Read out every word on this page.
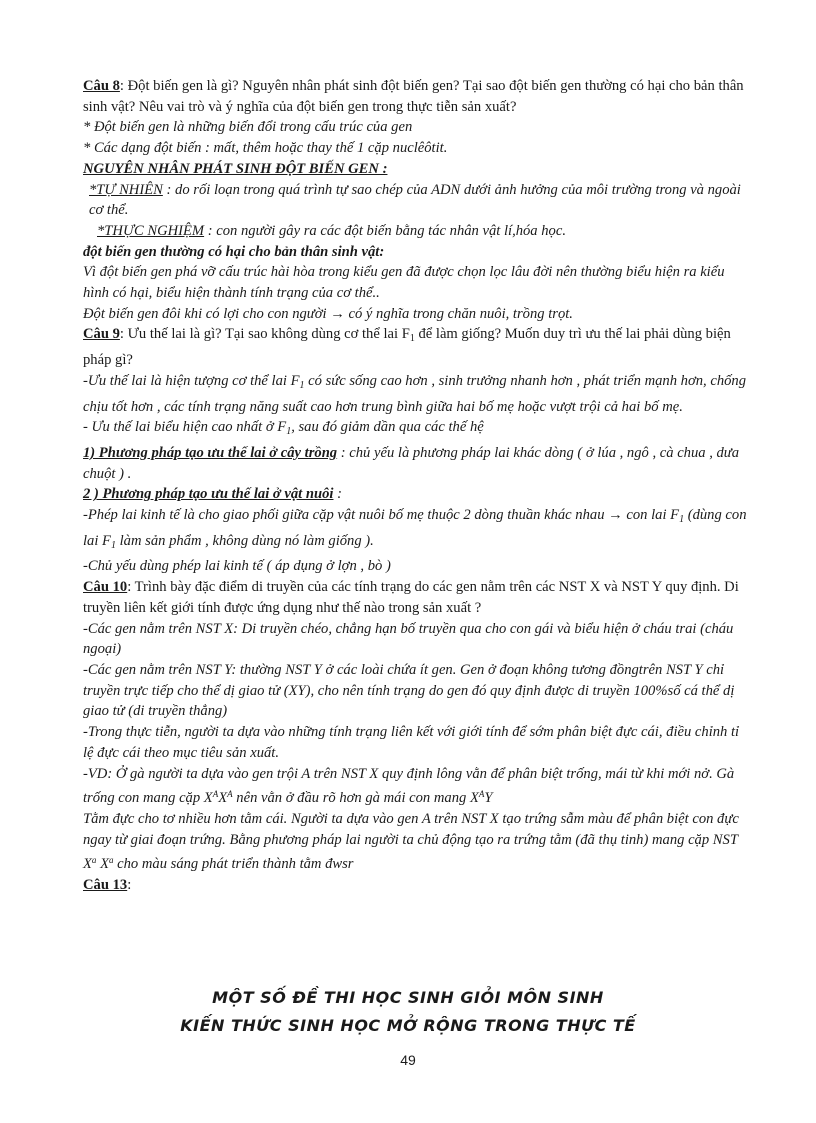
Câu 8: Đột biến gen là gì? Nguyên nhân phát sinh đột biến gen? Tại sao đột biến gen thường có hại cho bản thân sinh vật? Nêu vai trò và ý nghĩa của đột biến gen trong thực tiễn sản xuất?

* Đột biến gen là những biến đổi trong cấu trúc của gen

* Các dạng đột biến : mất, thêm hoặc thay thế 1 cặp nuclêôtit.

NGUYÊN NHÂN PHÁT SINH ĐỘT BIẾN GEN :

*TỰ NHIÊN : do rối loạn trong quá trình tự sao chép của ADN dưới ảnh hưởng của môi trường trong và ngoài cơ thể.

*THỰC NGHIỆM : con người gây ra các đột biến bằng tác nhân vật lí,hóa học.

đột biến gen thường có hại cho bản thân sinh vật:

Vì đột biến gen phá vỡ cấu trúc hài hòa trong kiểu gen đã được chọn lọc lâu đời nên thường biểu hiện ra kiểu hình có hại, biểu hiện thành tính trạng của cơ thể..

Đột biến gen đôi khi có lợi cho con người → có ý nghĩa trong chăn nuôi, trồng trọt.

Câu 9: Ưu thế lai là gì? Tại sao không dùng cơ thể lai $F_1$ để làm giống? Muốn duy trì ưu thế lai phải dùng biện pháp gì?

-Ưu thế lai là hiện tượng cơ thể lai $F_1$ có sức sống cao hơn , sinh trưởng nhanh hơn , phát triển mạnh hơn, chống chịu tốt hơn , các tính trạng năng suất cao hơn trung bình giữa hai bố mẹ hoặc vượt trội cả hai bố mẹ.

- Ưu thế lai biểu hiện cao nhất ở $F_1$, sau đó giảm dần qua các thế hệ

1) Phương pháp tạo ưu thế lai ở cây trồng : chủ yếu là phương pháp lai khác dòng ( ở lúa , ngô , cà chua , dưa chuột ) .

2 ) Phương pháp tạo ưu thế lai ở vật nuôi :

-Phép lai kinh tế là cho giao phối giữa cặp vật nuôi bố mẹ thuộc 2 dòng thuần khác nhau → con lai $F_1$ (dùng con lai $F_1$ làm sản phẩm , không dùng nó làm giống ).

-Chủ yếu dùng phép lai kinh tế ( áp dụng ở lợn , bò )

Câu 10: Trình bày đặc điểm di truyền của các tính trạng do các gen nằm trên các NST X và NST Y quy định. Di truyền liên kết giới tính được ứng dụng như thế nào trong sản xuất ?

-Các gen nằm trên NST X: Di truyền chéo, chẳng hạn bố truyền qua cho con gái và biểu hiện ở cháu trai (cháu ngoại)

-Các gen nằm trên NST Y: thường NST Y ở các loài chứa ít gen. Gen ở đoạn không tương đồngtrên NST Y chỉ truyền trực tiếp cho thể dị giao tử (XY), cho nên tính trạng do gen đó quy định được di truyền 100%số cá thể dị giao tử (di truyền thẳng)

-Trong thực tiễn, người ta dựa vào những tính trạng liên kết với giới tính để sớm phân biệt đực cái, điều chỉnh tỉ lệ đực cái theo mục tiêu sản xuất.

-VD: Ở gà người ta dựa vào gen trội A trên NST X quy định lông vằn để phân biệt trống, mái từ khi mới nở. Gà trống con mang cặp $X^AX^A$ nên vằn ở đầu rõ hơn gà mái con mang $X^AY$

Tằm đực cho tơ nhiều hơn tằm cái. Người ta dựa vào gen A trên NST X tạo trứng sẫm màu để phân biệt con đực ngay từ giai đoạn trứng. Bằng phương pháp lai người ta chủ động tạo ra trứng tằm (đã thụ tinh) mang cặp NST $X^a$ $X^a$ cho màu sáng phát triển thành tằm đwsr

Câu 13:

MỘT SỐ ĐỀ THI HỌC SINH GIỎI MÔN SINH
KIẾN THỨC SINH HỌC MỞ RỘNG TRONG THỰC TẾ
49
